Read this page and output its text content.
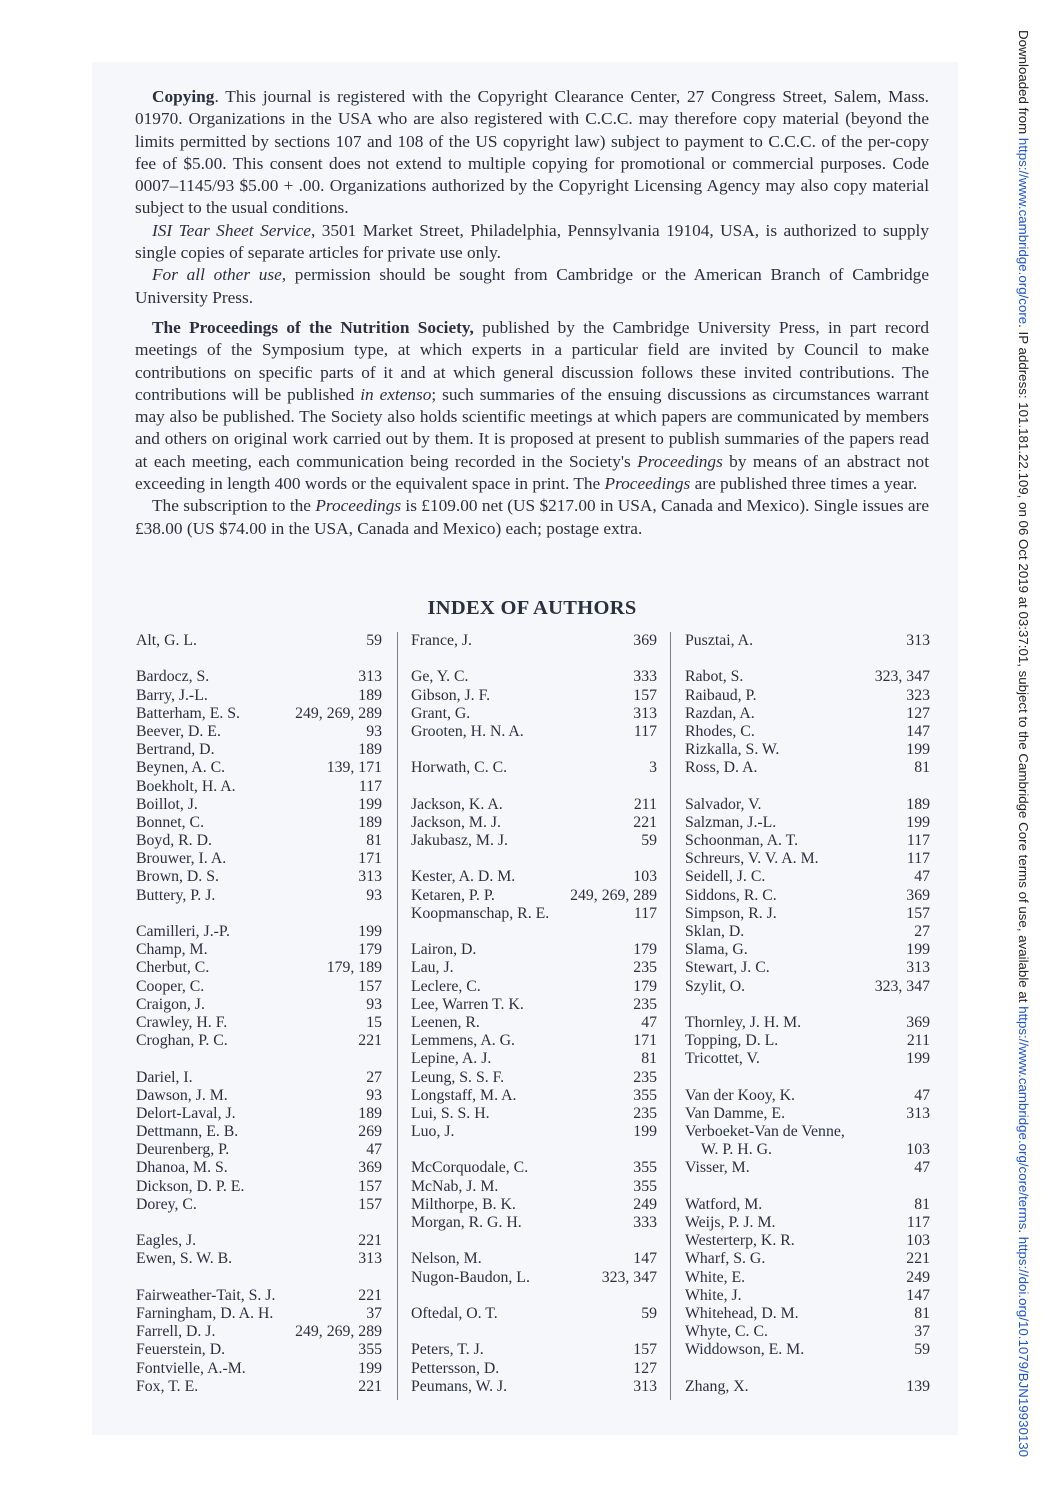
Copying. This journal is registered with the Copyright Clearance Center, 27 Congress Street, Salem, Mass. 01970. Organizations in the USA who are also registered with C.C.C. may therefore copy material (beyond the limits permitted by sections 107 and 108 of the US copyright law) subject to payment to C.C.C. of the per-copy fee of $5.00. This consent does not extend to multiple copying for promotional or commercial purposes. Code 0007–1145/93 $5.00 + .00. Organizations authorized by the Copyright Licensing Agency may also copy material subject to the usual conditions.

ISI Tear Sheet Service, 3501 Market Street, Philadelphia, Pennsylvania 19104, USA, is authorized to supply single copies of separate articles for private use only.

For all other use, permission should be sought from Cambridge or the American Branch of Cambridge University Press.

The Proceedings of the Nutrition Society, published by the Cambridge University Press, in part record meetings of the Symposium type, at which experts in a particular field are invited by Council to make contributions on specific parts of it and at which general discussion follows these invited contributions. The contributions will be published in extenso; such summaries of the ensuing discussions as circumstances warrant may also be published. The Society also holds scientific meetings at which papers are communicated by members and others on original work carried out by them. It is proposed at present to publish summaries of the papers read at each meeting, each communication being recorded in the Society's Proceedings by means of an abstract not exceeding in length 400 words or the equivalent space in print. The Proceedings are published three times a year.

The subscription to the Proceedings is £109.00 net (US $217.00 in USA, Canada and Mexico). Single issues are £38.00 (US $74.00 in the USA, Canada and Mexico) each; postage extra.

INDEX OF AUTHORS
Alt, G. L.	59
Bardocz, S.	313
Barry, J.-L.	189
Batterham, E. S.	249, 269, 289
Beever, D. E.	93
Bertrand, D.	189
Beynen, A. C.	139, 171
Boekholt, H. A.	117
Boillot, J.	199
Bonnet, C.	189
Boyd, R. D.	81
Brouwer, I. A.	171
Brown, D. S.	313
Buttery, P. J.	93
Camilleri, J.-P.	199
Champ, M.	179
Cherbut, C.	179, 189
Cooper, C.	157
Craigon, J.	93
Crawley, H. F.	15
Croghan, P. C.	221
Dariel, I.	27
Dawson, J. M.	93
Delort-Laval, J.	189
Dettmann, E. B.	269
Deurenberg, P.	47
Dhanoa, M. S.	369
Dickson, D. P. E.	157
Dorey, C.	157
Eagles, J.	221
Ewen, S. W. B.	313
Fairweather-Tait, S. J.	221
Farningham, D. A. H.	37
Farrell, D. J.	249, 269, 289
Feuerstein, D.	355
Fontvielle, A.-M.	199
Fox, T. E.	221
France, J.	369
Ge, Y. C.	333
Gibson, J. F.	157
Grant, G.	313
Grooten, H. N. A.	117
Horwath, C. C.	3
Jackson, K. A.	211
Jackson, M. J.	221
Jakubasz, M. J.	59
Kester, A. D. M.	103
Ketaren, P. P.	249, 269, 289
Koopmanschap, R. E.	117
Lairon, D.	179
Lau, J.	235
Leclere, C.	179
Lee, Warren T. K.	235
Leenen, R.	47
Lemmens, A. G.	171
Lepine, A. J.	81
Leung, S. S. F.	235
Longstaff, M. A.	355
Lui, S. S. H.	235
Luo, J.	199
McCorquodale, C.	355
McNab, J. M.	355
Milthorpe, B. K.	249
Morgan, R. G. H.	333
Nelson, M.	147
Nugon-Baudon, L.	323, 347
Oftedal, O. T.	59
Peters, T. J.	157
Pettersson, D.	127
Peumans, W. J.	313
Pusztai, A.	313
Rabot, S.	323, 347
Raibaud, P.	323
Razdan, A.	127
Rhodes, C.	147
Rizkalla, S. W.	199
Ross, D. A.	81
Salvador, V.	189
Salzman, J.-L.	199
Schoonman, A. T.	117
Schreurs, V. V. A. M.	117
Seidell, J. C.	47
Siddons, R. C.	369
Simpson, R. J.	157
Sklan, D.	27
Slama, G.	199
Stewart, J. C.	313
Szylit, O.	323, 347
Thornley, J. H. M.	369
Topping, D. L.	211
Tricottet, V.	199
Van der Kooy, K.	47
Van Damme, E.	313
Verboeket-Van de Venne,
W. P. H. G.	103
Visser, M.	47
Watford, M.	81
Weijs, P. J. M.	117
Westerterp, K. R.	103
Wharf, S. G.	221
White, E.	249
White, J.	147
Whitehead, D. M.	81
Whyte, C. C.	37
Widdowson, E. M.	59
Zhang, X.	139
Downloaded from https://www.cambridge.org/core. IP address: 101.181.22.109, on 06 Oct 2019 at 03:37:01, subject to the Cambridge Core terms of use, available at https://www.cambridge.org/core/terms. https://doi.org/10.1079/BJN19930130
